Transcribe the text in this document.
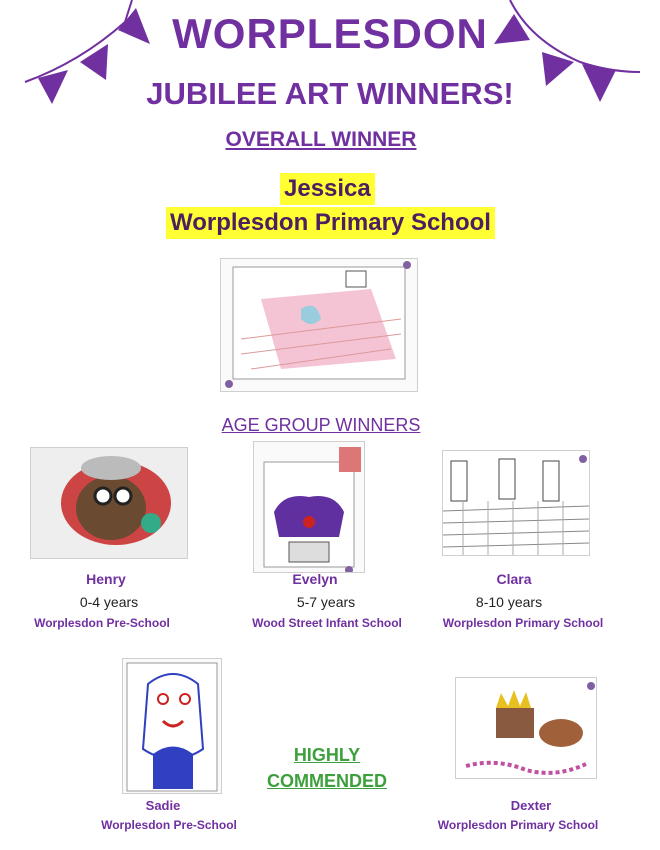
WORPLESDON
JUBILEE ART WINNERS!
OVERALL WINNER
Jessica
Worplesdon Primary School
AGE GROUP WINNERS
Henry
0-4 years
Worplesdon Pre-School
Evelyn
5-7 years
Wood Street Infant School
Clara
8-10 years
Worplesdon Primary School
HIGHLY
COMMENDED
Sadie
Worplesdon Pre-School
Dexter
Worplesdon Primary School
